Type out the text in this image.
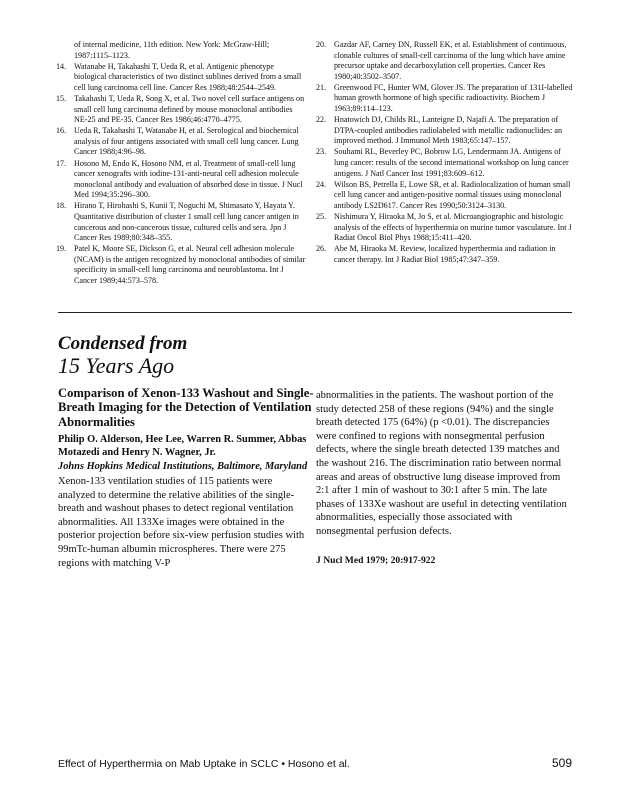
of internal medicine, 11th edition. New York: McGraw-Hill; 1987:1115–1123.
14. Watanabe H, Takahashi T, Ueda R, et al. Antigenic phenotype biological characteristics of two distinct sublines derived from a small cell lung carcinoma cell line. Cancer Res 1988;48:2544–2549.
15. Takahashi T, Ueda R, Song X, et al. Two novel cell surface antigens on small cell lung carcinoma defined by mouse monoclonal antibodies NE-25 and PE-35. Cancer Res 1986;46:4770–4775.
16. Ueda R, Takahashi T, Watanabe H, et al. Serological and biochemical analysis of four antigens associated with small cell lung cancer. Lung Cancer 1988;4:96–98.
17. Hosono M, Endo K, Hosono NM, et al. Treatment of small-cell lung cancer xenografts with iodine-131-anti-neural cell adhesion molecule monoclonal antibody and evaluation of absorbed dose in tissue. J Nucl Med 1994;35:296–300.
18. Hirano T, Hirohashi S, Kunii T, Noguchi M, Shimasato Y, Hayata Y. Quantitative distribution of cluster 1 small cell lung cancer antigen in cancerous and non-cancerous tissue, cultured cells and sera. Jpn J Cancer Res 1989;80:348–355.
19. Patel K, Moore SE, Dickson G, et al. Neural cell adhesion molecule (NCAM) is the antigen recognized by monoclonal antibodies of similar specificity in small-cell lung carcinoma and neuroblastoma. Int J Cancer 1989;44:573–578.
20. Gazdar AF, Carney DN, Russell EK, et al. Establishment of continuous, clonable cultures of small-cell carcinoma of the lung which have amine precursor uptake and decarboxylation cell properties. Cancer Res 1980;40:3502–3507.
21. Greenwood FC, Hunter WM, Glover JS. The preparation of 131I-labelled human growth hormone of high specific radioactivity. Biochem J 1963;89:114–123.
22. Hnatowich DJ, Childs RL, Lanteigne D, Najafi A. The preparation of DTPA-coupled antibodies radiolabeled with metallic radionuclides: an improved method. J Immunol Meth 1983;65:147–157.
23. Souhami RL, Beverley PC, Bobrow LG, Lendermann JA. Antigens of lung cancer: results of the second international workshop on lung cancer antigens. J Natl Cancer Inst 1991;83:609–612.
24. Wilson BS, Petrella E, Lowe SR, et al. Radiolocalization of human small cell lung cancer and antigen-positive normal tissues using monoclonal antibody LS2D617. Cancer Res 1990;50:3124–3130.
25. Nishimura Y, Hiraoka M, Jo S, et al. Microangiographic and histologic analysis of the effects of hyperthermia on murine tumor vasculature. Int J Radiat Oncol Biol Phys 1988;15:411–420.
26. Abe M, Hiraoka M. Review, localized hyperthermia and radiation in cancer therapy. Int J Radiat Biol 1985;47:347–359.
Condensed from
15 Years Ago
Comparison of Xenon-133 Washout and Single-Breath Imaging for the Detection of Ventilation Abnormalities
Philip O. Alderson, Hee Lee, Warren R. Summer, Abbas Motazedi and Henry N. Wagner, Jr.
Johns Hopkins Medical Institutions, Baltimore, Maryland
Xenon-133 ventilation studies of 115 patients were analyzed to determine the relative abilities of the single-breath and washout phases to detect regional ventilation abnormalities. All 133Xe images were obtained in the posterior projection before six-view perfusion studies with 99mTc-human albumin microspheres. There were 275 regions with matching V-P
abnormalities in the patients. The washout portion of the study detected 258 of these regions (94%) and the single breath detected 175 (64%) (p <0.01). The discrepancies were confined to regions with nonsegmental perfusion defects, where the single breath detected 139 matches and the washout 216. The discrimination ratio between normal areas and areas of obstructive lung disease improved from 2:1 after 1 min of washout to 30:1 after 5 min. The late phases of 133Xe washout are useful in detecting ventilation abnormalities, especially those associated with nonsegmental perfusion defects.
J Nucl Med 1979; 20:917-922
Effect of Hyperthermia on Mab Uptake in SCLC • Hosono et al.	509
